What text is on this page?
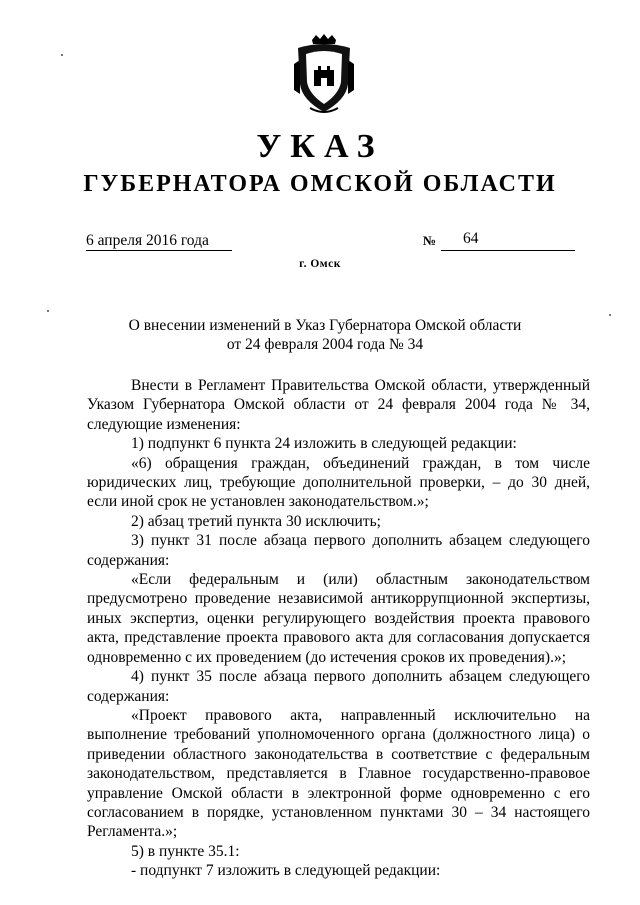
УКАЗ
ГУБЕРНАТОРА ОМСКОЙ ОБЛАСТИ
6 апреля 2016 года	№ 64
г. Омск
О внесении изменений в Указ Губернатора Омской области
от 24 февраля 2004 года № 34

Внести в Регламент Правительства Омской области, утвержденный Указом Губернатора Омской области от 24 февраля 2004 года № 34, следующие изменения:

1) подпункт 6 пункта 24 изложить в следующей редакции:

«6) обращения граждан, объединений граждан, в том числе юридических лиц, требующие дополнительной проверки, – до 30 дней, если иной срок не установлен законодательством.»;

2) абзац третий пункта 30 исключить;

3) пункт 31 после абзаца первого дополнить абзацем следующего содержания:

«Если федеральным и (или) областным законодательством предусмотрено проведение независимой антикоррупционной экспертизы, иных экспертиз, оценки регулирующего воздействия проекта правового акта, представление проекта правового акта для согласования допускается одновременно с их проведением (до истечения сроков их проведения).»;

4) пункт 35 после абзаца первого дополнить абзацем следующего содержания:

«Проект правового акта, направленный исключительно на выполнение требований уполномоченного органа (должностного лица) о приведении областного законодательства в соответствие с федеральным законодательством, представляется в Главное государственно-правовое управление Омской области в электронной форме одновременно с его согласованием в порядке, установленном пунктами 30 – 34 настоящего Регламента.»;

5) в пункте 35.1:

- подпункт 7 изложить в следующей редакции:
